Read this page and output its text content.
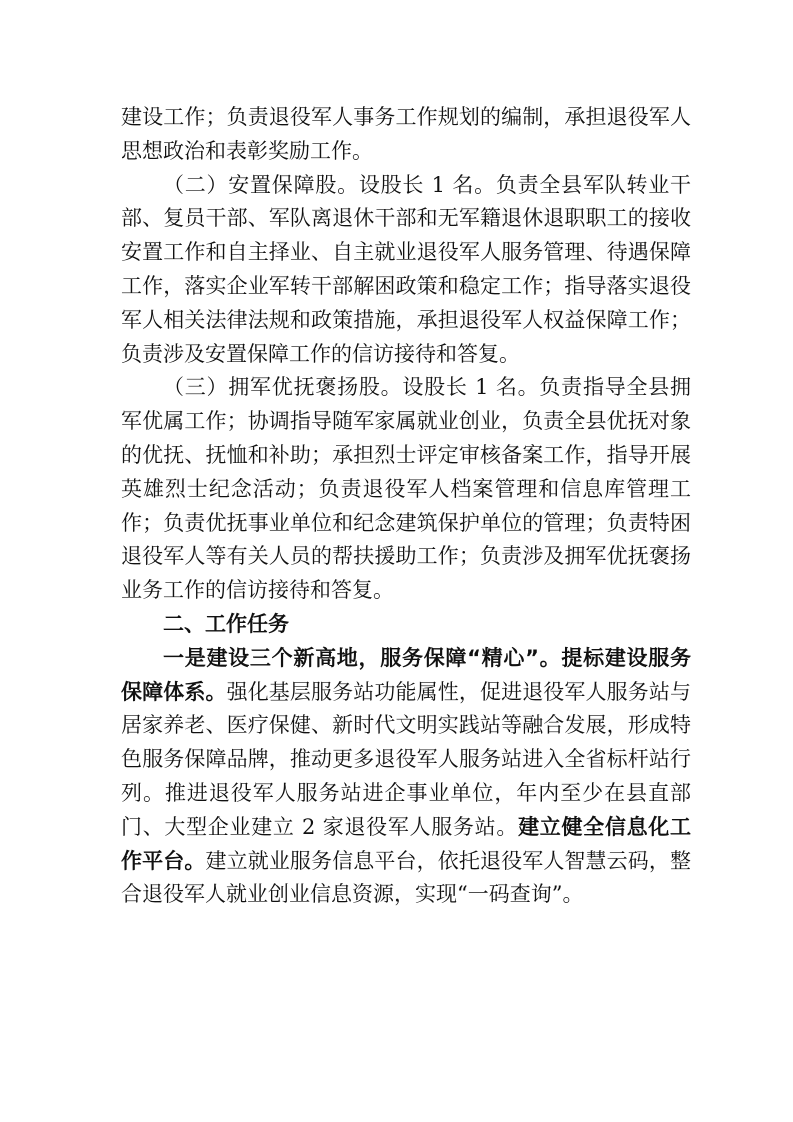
建设工作；负责退役军人事务工作规划的编制，承担退役军人思想政治和表彰奖励工作。

（二）安置保障股。设股长 1 名。负责全县军队转业干部、复员干部、军队离退休干部和无军籍退休退职职工的接收安置工作和自主择业、自主就业退役军人服务管理、待遇保障工作，落实企业军转干部解困政策和稳定工作；指导落实退役军人相关法律法规和政策措施，承担退役军人权益保障工作；负责涉及安置保障工作的信访接待和答复。

（三）拥军优抚褒扬股。设股长 1 名。负责指导全县拥军优属工作；协调指导随军家属就业创业，负责全县优抚对象的优抚、抚恤和补助；承担烈士评定审核备案工作，指导开展英雄烈士纪念活动；负责退役军人档案管理和信息库管理工作；负责优抚事业单位和纪念建筑保护单位的管理；负责特困退役军人等有关人员的帮扶援助工作；负责涉及拥军优抚褒扬业务工作的信访接待和答复。

二、工作任务

一是建设三个新高地，服务保障“精心”。提标建设服务保障体系。强化基层服务站功能属性，促进退役军人服务站与居家养老、医疗保健、新时代文明实践站等融合发展，形成特色服务保障品牌，推动更多退役军人服务站进入全省标杆站行列。推进退役军人服务站进企事业单位，年内至少在县直部门、大型企业建立 2 家退役军人服务站。建立健全信息化工作平台。建立就业服务信息平台，依托退役军人智慧云码，整合退役军人就业创业信息资源，实现“一码查询”。
